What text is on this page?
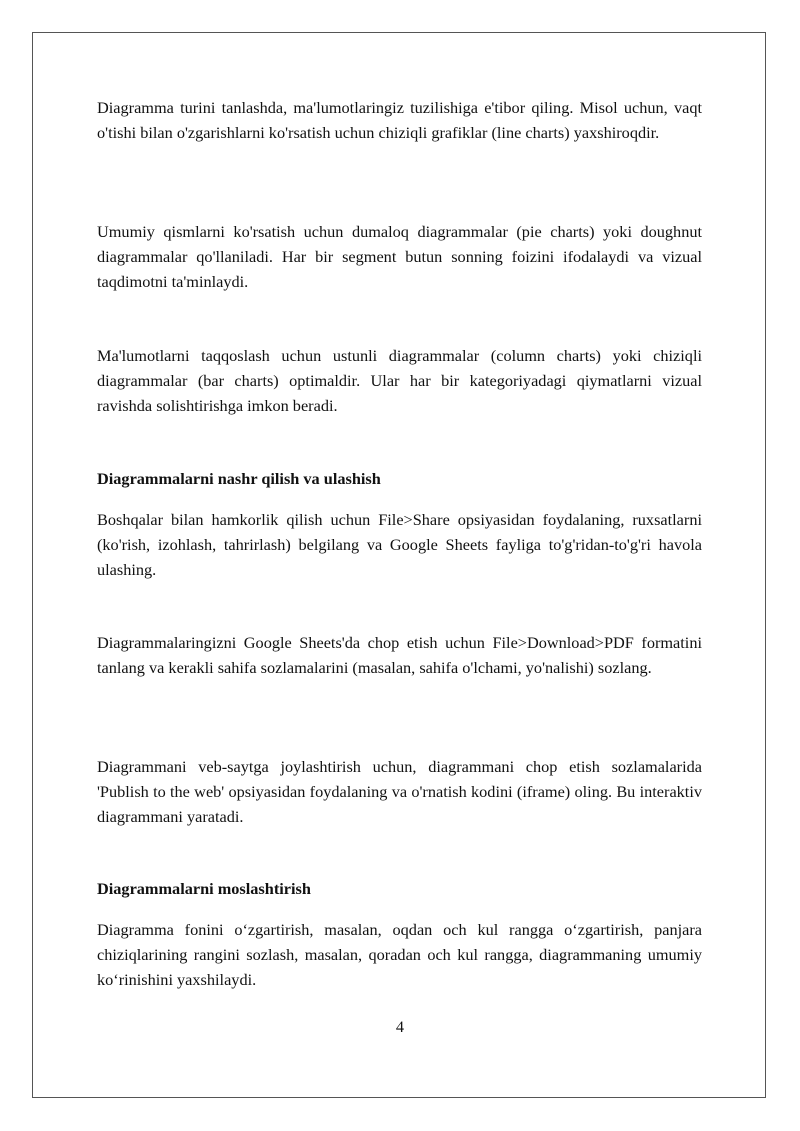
Diagramma turini tanlashda, ma'lumotlaringiz tuzilishiga e'tibor qiling. Misol uchun, vaqt o'tishi bilan o'zgarishlarni ko'rsatish uchun chiziqli grafiklar (line charts) yaxshiroqdir.

Umumiy qismlarni ko'rsatish uchun dumaloq diagrammalar (pie charts) yoki doughnut diagrammalar qo'llaniladi. Har bir segment butun sonning foizini ifodalaydi va vizual taqdimotni ta'minlaydi.

Ma'lumotlarni taqqoslash uchun ustunli diagrammalar (column charts) yoki chiziqli diagrammalar (bar charts) optimaldir. Ular har bir kategoriyadagi qiymatlarni vizual ravishda solishtirishga imkon beradi.

Diagrammalarni nashr qilish va ulashish

Boshqalar bilan hamkorlik qilish uchun File>Share opsiyasidan foydalaning, ruxsatlarni (ko'rish, izohlash, tahrirlash) belgilang va Google Sheets fayliga to'g'ridan-to'g'ri havola ulashing.

Diagrammalaringizni Google Sheets'da chop etish uchun File>Download>PDF formatini tanlang va kerakli sahifa sozlamalarini (masalan, sahifa o'lchami, yo'nalishi) sozlang.

Diagrammani veb-saytga joylashtirish uchun, diagrammani chop etish sozlamalarida 'Publish to the web' opsiyasidan foydalaning va o'rnatish kodini (iframe) oling. Bu interaktiv diagrammani yaratadi.

Diagrammalarni moslashtirish

Diagramma fonini o‘zgartirish, masalan, oqdan och kul rangga o‘zgartirish, panjara chiziqlarining rangini sozlash, masalan, qoradan och kul rangga, diagrammaning umumiy ko‘rinishini yaxshilaydi.

4
